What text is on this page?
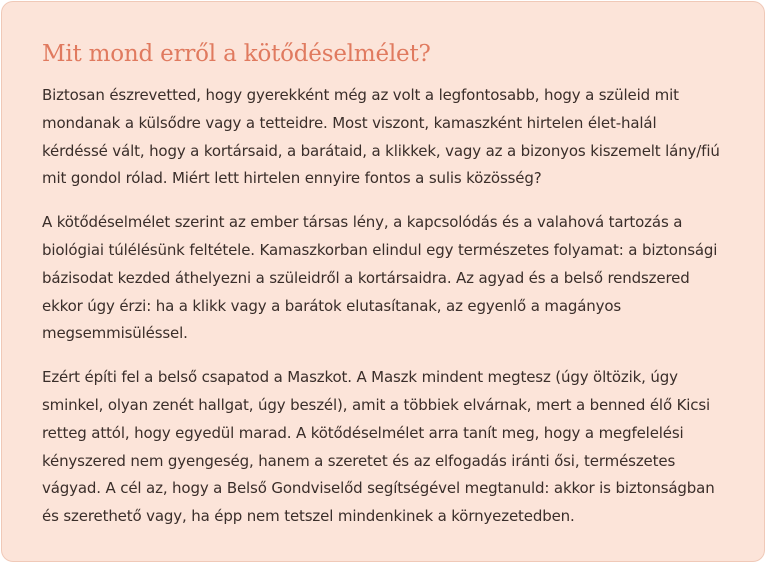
Mit mond erről a kötődéselmélet?

Biztosan észrevetted, hogy gyerekként még az volt a legfontosabb, hogy a szüleid mit mondanak a külsődre vagy a tetteidre. Most viszont, kamaszként hirtelen élet-halál kérdéssé vált, hogy a kortársaid, a barátaid, a klikkek, vagy az a bizonyos kiszemelt lány/fiú mit gondol rólad. Miért lett hirtelen ennyire fontos a sulis közösség?

A kötődéselmélet szerint az ember társas lény, a kapcsolódás és a valahová tartozás a biológiai túlélésünk feltétele. Kamaszkorban elindul egy természetes folyamat: a biztonsági bázisodat kezded áthelyezni a szüleidről a kortársaidra. Az agyad és a belső rendszered ekkor úgy érzi: ha a klikk vagy a barátok elutasítanak, az egyenlő a magányos megsemmisüléssel.

Ezért építi fel a belső csapatod a Maszkot. A Maszk mindent megtesz (úgy öltözik, úgy sminkel, olyan zenét hallgat, úgy beszél), amit a többiek elvárnak, mert a benned élő Kicsi retteg attól, hogy egyedül marad. A kötődéselmélet arra tanít meg, hogy a megfelelési kényszered nem gyengeség, hanem a szeretet és az elfogadás iránti ősi, természetes vágyad. A cél az, hogy a Belső Gondviselőd segítségével megtanuld: akkor is biztonságban és szerethető vagy, ha épp nem tetszel mindenkinek a környezetedben.
